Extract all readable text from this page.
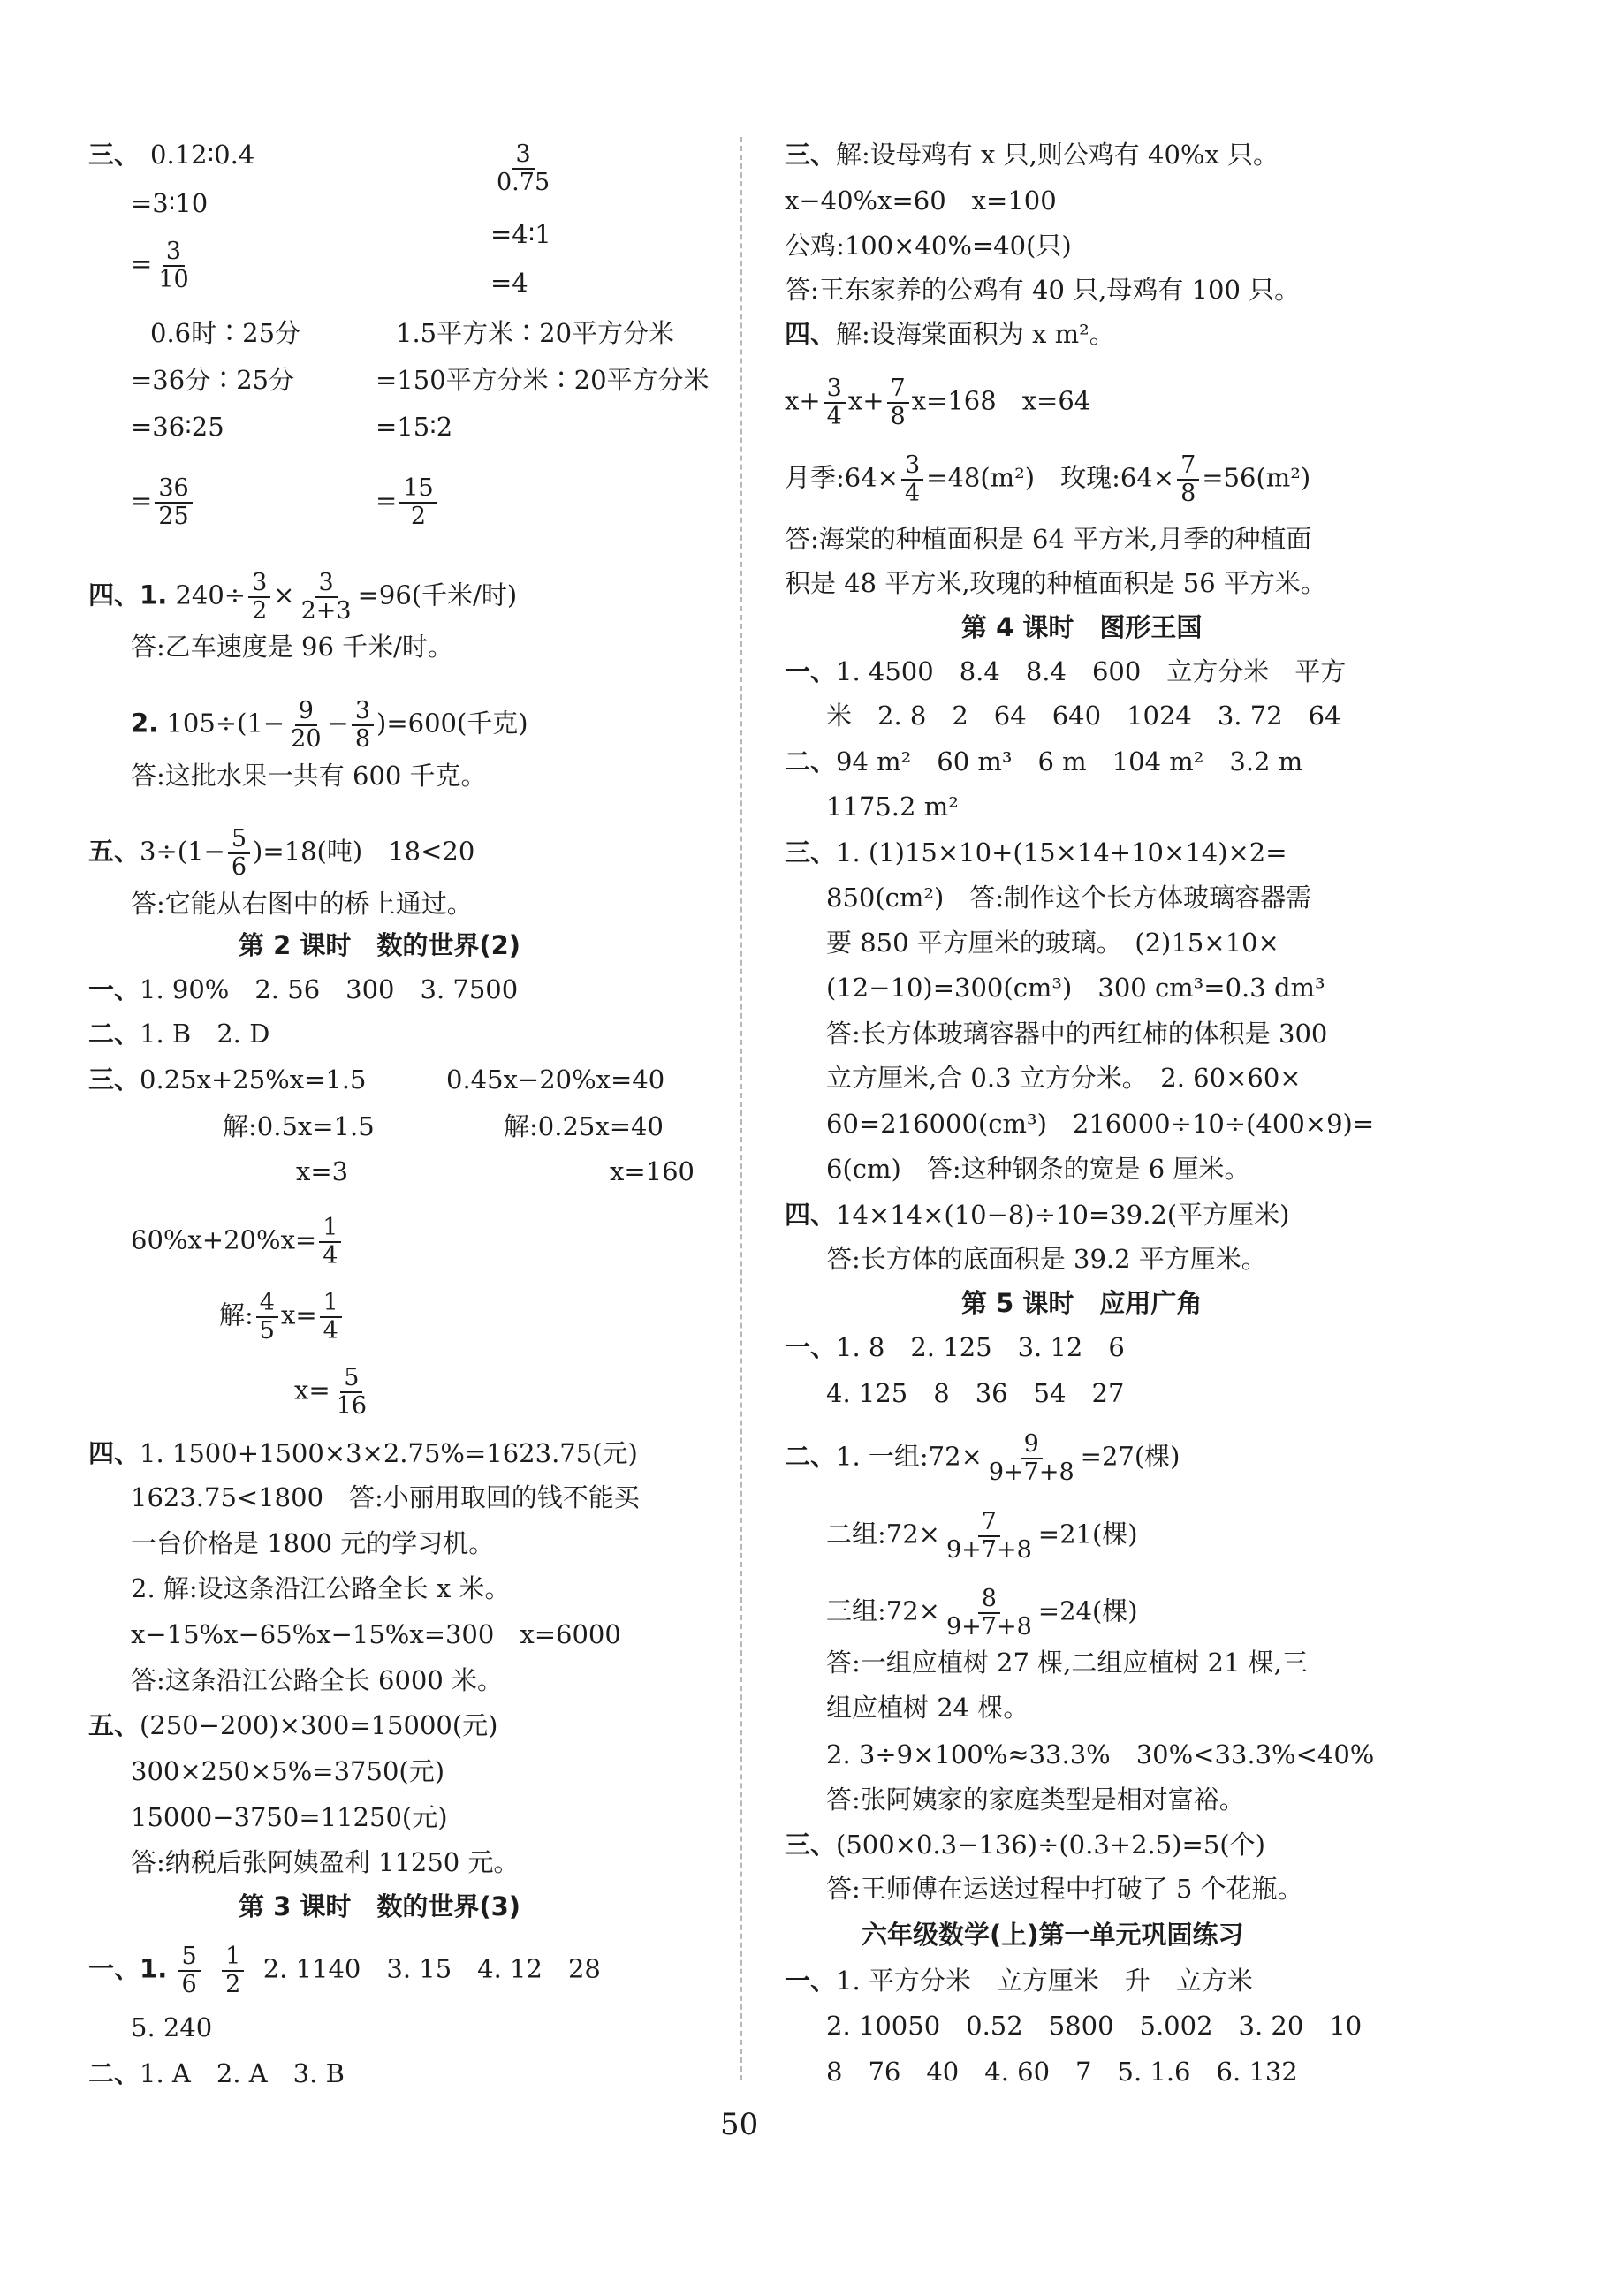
三、 0.12∶0.4
=3∶10
= $\frac{3}{10}$
$\frac{3}{0.75}$
=4∶1
=4
0.6时∶25分
=36分∶25分
=36∶25
= $\frac{36}{25}$
1.5平方米∶20平方分米
=150平方分米∶20平方分米
=15∶2
= $\frac{15}{2}$
四、1. $240\div \frac{3}{2} \times \frac{3}{2+3} =96$(千米/时)
答:乙车速度是 96 千米/时。
2. $105\div(1- \frac{9}{20} - \frac{3}{8} )=600$(千克)
答:这批水果一共有 600 千克。
五、$3\div(1- \frac{5}{6} )=18$(吨)　18<20
答:它能从右图中的桥上通过。
第 2 课时　数的世界(2)
一、1. 90%　2. 56　300　3. 7500
二、1. B　2. D
三、0.25x+25%x=1.5	0.45x−20%x=40
解:0.5x=1.5	解:0.25x=40
x=3	x=160
$60\%x+20\%x= \frac{1}{4}$
解: $\frac{4}{5} x= \frac{1}{4}$
$x= \frac{5}{16}$
四、1. 1500+1500×3×2.75%=1623.75(元)
1623.75<1800　答:小丽用取回的钱不能买
一台价格是 1800 元的学习机。
2. 解:设这条沿江公路全长 x 米。
x−15%x−65%x−15%x=300　x=6000
答:这条沿江公路全长 6000 米。
五、(250−200)×300=15000(元)
300×250×5%=3750(元)
15000−3750=11250(元)
答:纳税后张阿姨盈利 11250 元。
第 3 课时　数的世界(3)
一、1. $\frac{5}{6}$
$\frac{1}{2} 2$. 1140　3. 15　4. 12　28
5. 240
二、1. A　2. A　3. B
三、解:设母鸡有 x 只,则公鸡有 40%x 只。
x−40%x=60　x=100
公鸡:100×40%=40(只)
答:王东家养的公鸡有 40 只,母鸡有 100 只。
四、解:设海棠面积为 x m²。
$x+ \frac{3}{4} x+ \frac{7}{8} x=168$　x=64
月季:64× $\frac{3}{4} =48(m^2)$　玫瑰:64× $\frac{7}{8} =56(m^2)$
答:海棠的种植面积是 64 平方米,月季的种植面
积是 48 平方米,玫瑰的种植面积是 56 平方米。
第 4 课时　图形王国
一、1. 4500　8.4　8.4　600　立方分米　平方
米　2. 8　2　64　640　1024　3. 72　64
二、94 m²　60 m³　6 m　104 m²　3.2 m
1175.2 m²
三、1. (1)15×10+(15×14+10×14)×2=
850(cm²)　答:制作这个长方体玻璃容器需
要 850 平方厘米的玻璃。　(2)15×10×
(12−10)=300(cm³)　300 cm³=0.3 dm³
答:长方体玻璃容器中的西红柿的体积是 300
立方厘米,合 0.3 立方分米。　2. 60×60×
60=216000(cm³)　216000÷10÷(400×9)=
6(cm)　答:这种钢条的宽是 6 厘米。
四、14×14×(10−8)÷10=39.2(平方厘米)
答:长方体的底面积是 39.2 平方厘米。
第 5 课时　应用广角
一、1. 8　2. 125　3. 12　6
4. 125　8　36　54　27
二、1. 一组:72× $\frac{9}{9+7+8} =27$(棵)
二组:72× $\frac{7}{9+7+8} =21$(棵)
三组:72× $\frac{8}{9+7+8} =24$(棵)
答:一组应植树 27 棵,二组应植树 21 棵,三
组应植树 24 棵。
2. 3÷9×100%≈33.3%　30%<33.3%<40%
答:张阿姨家的家庭类型是相对富裕。
三、(500×0.3−136)÷(0.3+2.5)=5(个)
答:王师傅在运送过程中打破了 5 个花瓶。
六年级数学(上)第一单元巩固练习
一、1. 平方分米　立方厘米　升　立方米
2. 10050　0.52　5800　5.002　3. 20　10
8　76　40　4. 60　7　5. 1.6　6. 132
50
